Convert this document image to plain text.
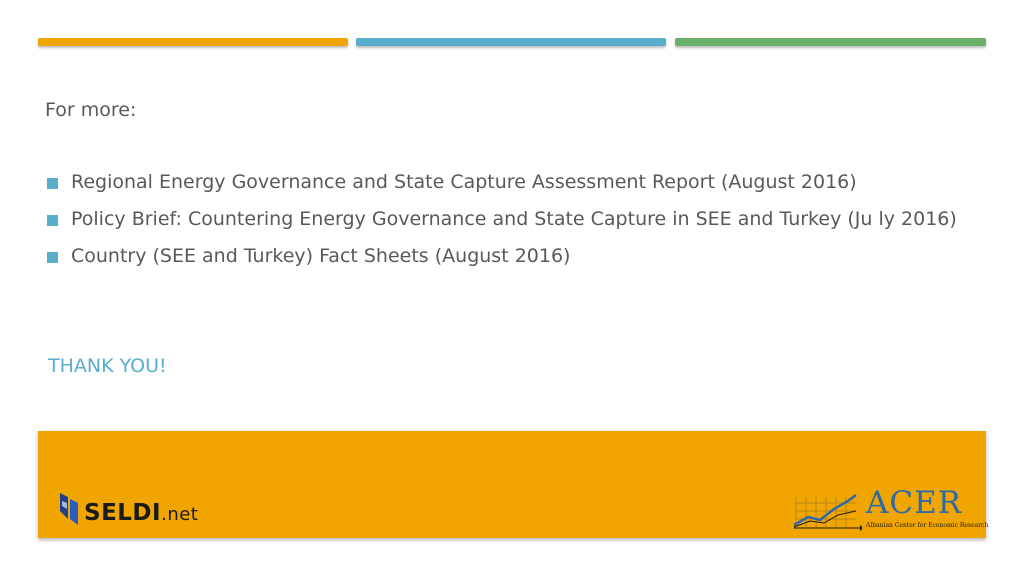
For more:

Regional Energy Governance and State Capture Assessment Report (August 2016)
Policy Brief: Countering Energy Governance and State Capture in SEE and Turkey (Ju ly 2016)
Country (SEE and Turkey) Fact Sheets (August 2016)

THANK YOU!

SELDI.net	ACER
Albanian Center for Economic Research
